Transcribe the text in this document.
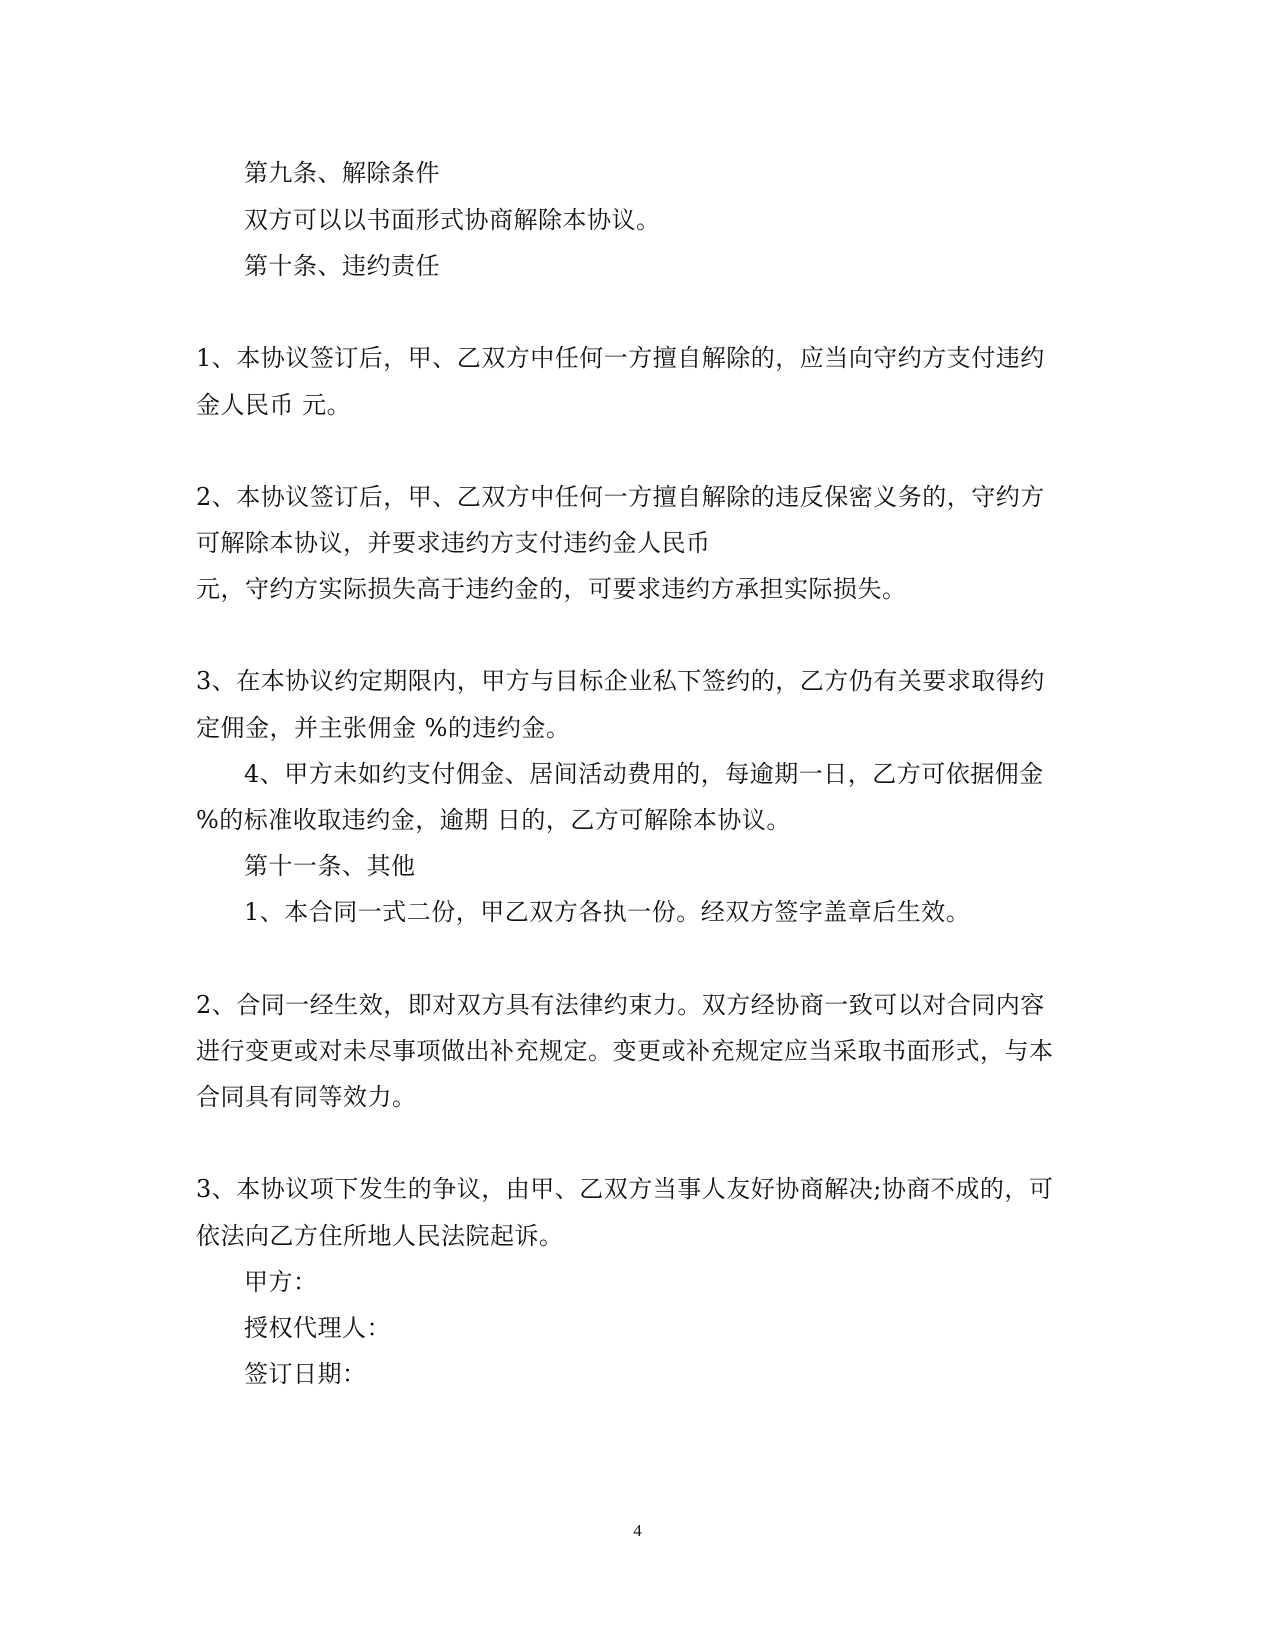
第九条、解除条件
双方可以以书面形式协商解除本协议。
第十条、违约责任
1、本协议签订后，甲、乙双方中任何一方擅自解除的，应当向守约方支付违约
金人民币 元。
2、本协议签订后，甲、乙双方中任何一方擅自解除的违反保密义务的，守约方
可解除本协议，并要求违约方支付违约金人民币
元，守约方实际损失高于违约金的，可要求违约方承担实际损失。
3、在本协议约定期限内，甲方与目标企业私下签约的，乙方仍有关要求取得约
定佣金，并主张佣金 %的违约金。
4、甲方未如约支付佣金、居间活动费用的，每逾期一日，乙方可依据佣金
%的标准收取违约金，逾期 日的，乙方可解除本协议。
第十一条、其他
1、本合同一式二份，甲乙双方各执一份。经双方签字盖章后生效。
2、合同一经生效，即对双方具有法律约束力。双方经协商一致可以对合同内容
进行变更或对未尽事项做出补充规定。变更或补充规定应当采取书面形式，与本
合同具有同等效力。
3、本协议项下发生的争议，由甲、乙双方当事人友好协商解决;协商不成的，可
依法向乙方住所地人民法院起诉。
甲方：
授权代理人：
签订日期：
4
